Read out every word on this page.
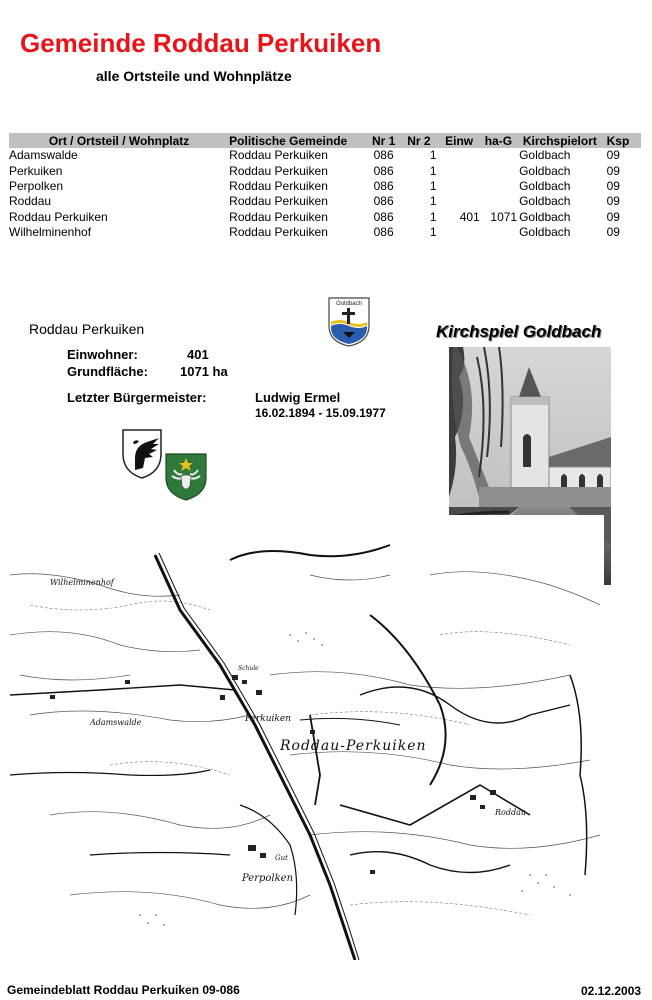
Gemeinde Roddau Perkuiken
alle Ortsteile und Wohnplätze
Ort / Ortsteil / Wohnplatz	Politische Gemeinde	Nr 1	Nr 2	Einw	ha-G	Kirchspielort	Ksp
Adamswalde	Roddau Perkuiken	086	1			Goldbach	09
Perkuiken	Roddau Perkuiken	086	1			Goldbach	09
Perpolken	Roddau Perkuiken	086	1			Goldbach	09
Roddau	Roddau Perkuiken	086	1			Goldbach	09
Roddau Perkuiken	Roddau Perkuiken	086	1	401	1071	Goldbach	09
Wilhelminenhof	Roddau Perkuiken	086	1			Goldbach	09
Roddau Perkuiken
Einwohner:	401
Grundfläche: 1071 ha
Letzter Bürgermeister:	Ludwig Ermel
16.02.1894 - 15.09.1977
Goldbach
Kirchspiel Goldbach
Wilhelminenhof
Adamswalde	Perkuiken
Roddau-Perkuiken
Roddau
Gut
Perpolken
Schule
Gemeindeblatt Roddau Perkuiken 09-086	02.12.2003
